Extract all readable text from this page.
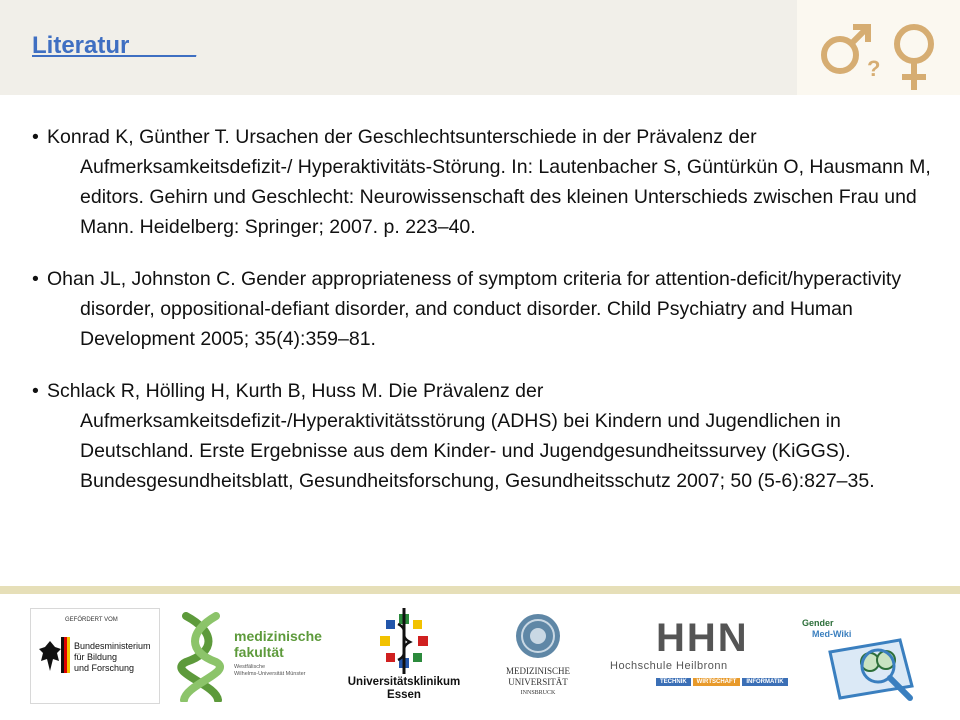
Literatur_____
?

• Konrad K, Günther T. Ursachen der Geschlechtsunterschiede in der Prävalenz der Aufmerksamkeitsdefizit-/ Hyperaktivitäts-Störung. In: Lautenbacher S, Güntürkün O, Hausmann M, editors. Gehirn und Geschlecht: Neurowissenschaft des kleinen Unterschieds zwischen Frau und Mann. Heidelberg: Springer; 2007. p. 223–40.

• Ohan JL, Johnston C. Gender appropriateness of symptom criteria for attention-deficit/hyperactivity disorder, oppositional-defiant disorder, and conduct disorder. Child Psychiatry and Human Development 2005; 35(4):359–81.

• Schlack R, Hölling H, Kurth B, Huss M. Die Prävalenz der Aufmerksamkeitsdefizit-/Hyperaktivitätsstörung (ADHS) bei Kindern und Jugendlichen in Deutschland. Erste Ergebnisse aus dem Kinder- und Jugendgesundheitssurvey (KiGGS). Bundesgesundheitsblatt, Gesundheitsforschung, Gesundheitsschutz 2007; 50 (5-6):827–35.

GEFÖRDERT VOM
Bundesministerium
für Bildung
und Forschung
medizinische
fakultät
Westfälische
Wilhelms-Universität Münster
Universitätsklinikum
Essen
MEDIZINISCHE
UNIVERSITÄT
INNSBRUCK
HHN
Hochschule Heilbronn
TECHNIK	WIRTSCHAFT	INFORMATIK
Gender
Med-Wiki
